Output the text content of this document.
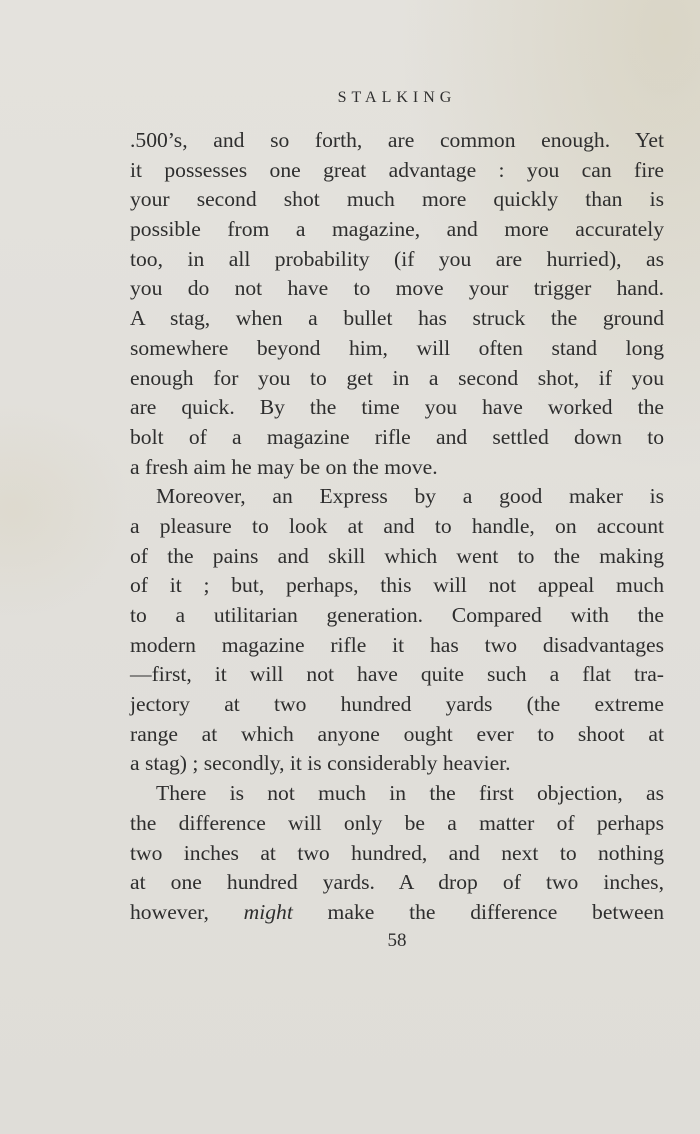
STALKING
.500’s, and so forth, are common enough. Yet
it possesses one great advantage : you can fire
your second shot much more quickly than is
possible from a magazine, and more accurately
too, in all probability (if you are hurried), as
you do not have to move your trigger hand.
A stag, when a bullet has struck the ground
somewhere beyond him, will often stand long
enough for you to get in a second shot, if you
are quick. By the time you have worked the
bolt of a magazine rifle and settled down to
a fresh aim he may be on the move.
Moreover, an Express by a good maker is
a pleasure to look at and to handle, on account
of the pains and skill which went to the making
of it ; but, perhaps, this will not appeal much
to a utilitarian generation. Compared with the
modern magazine rifle it has two disadvantages
—first, it will not have quite such a flat tra-
jectory at two hundred yards (the extreme
range at which anyone ought ever to shoot at
a stag) ; secondly, it is considerably heavier.
There is not much in the first objection, as
the difference will only be a matter of perhaps
two inches at two hundred, and next to nothing
at one hundred yards. A drop of two inches,
however, might make the difference between
58
